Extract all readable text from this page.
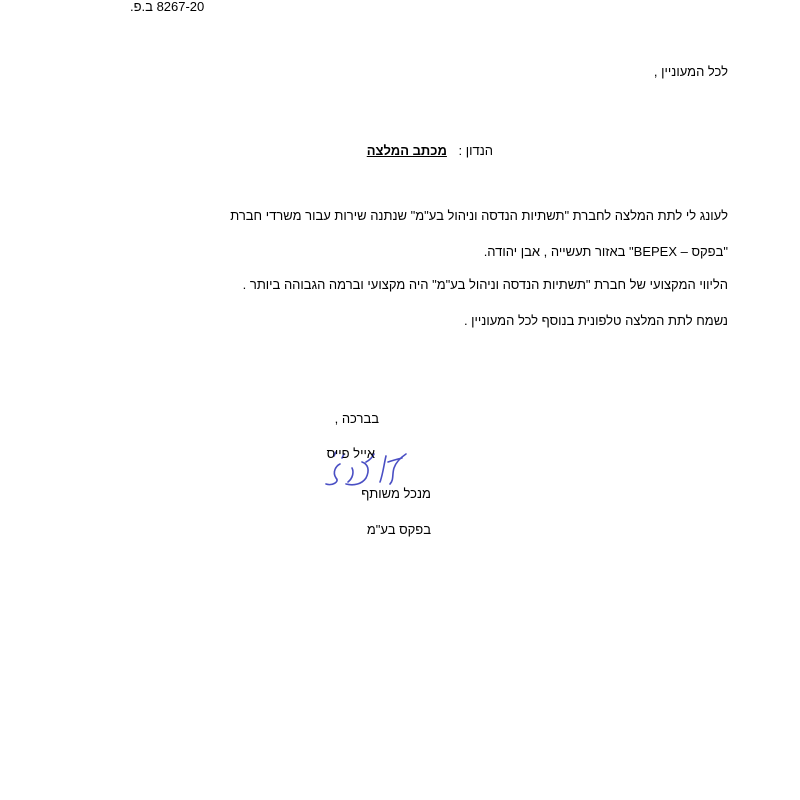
8267-20 ב.פ.
לכל המעוניין ,
הנדון : מכתב המלצה
לעונג לי לתת המלצה לחברת "תשתיות הנדסה וניהול בע"מ" שנתנה שירות עבור משרדי חברת
"בפקס – BEPEX" באזור תעשייה , אבן יהודה.
הליווי המקצועי של חברת "תשתיות הנדסה וניהול בע"מ" היה מקצועי וברמה הגבוהה ביותר .
נשמח לתת המלצה טלפונית בנוסף לכל המעוניין .
בברכה ,
אייל פייס
מנכל משותף
בפקס בע"מ
